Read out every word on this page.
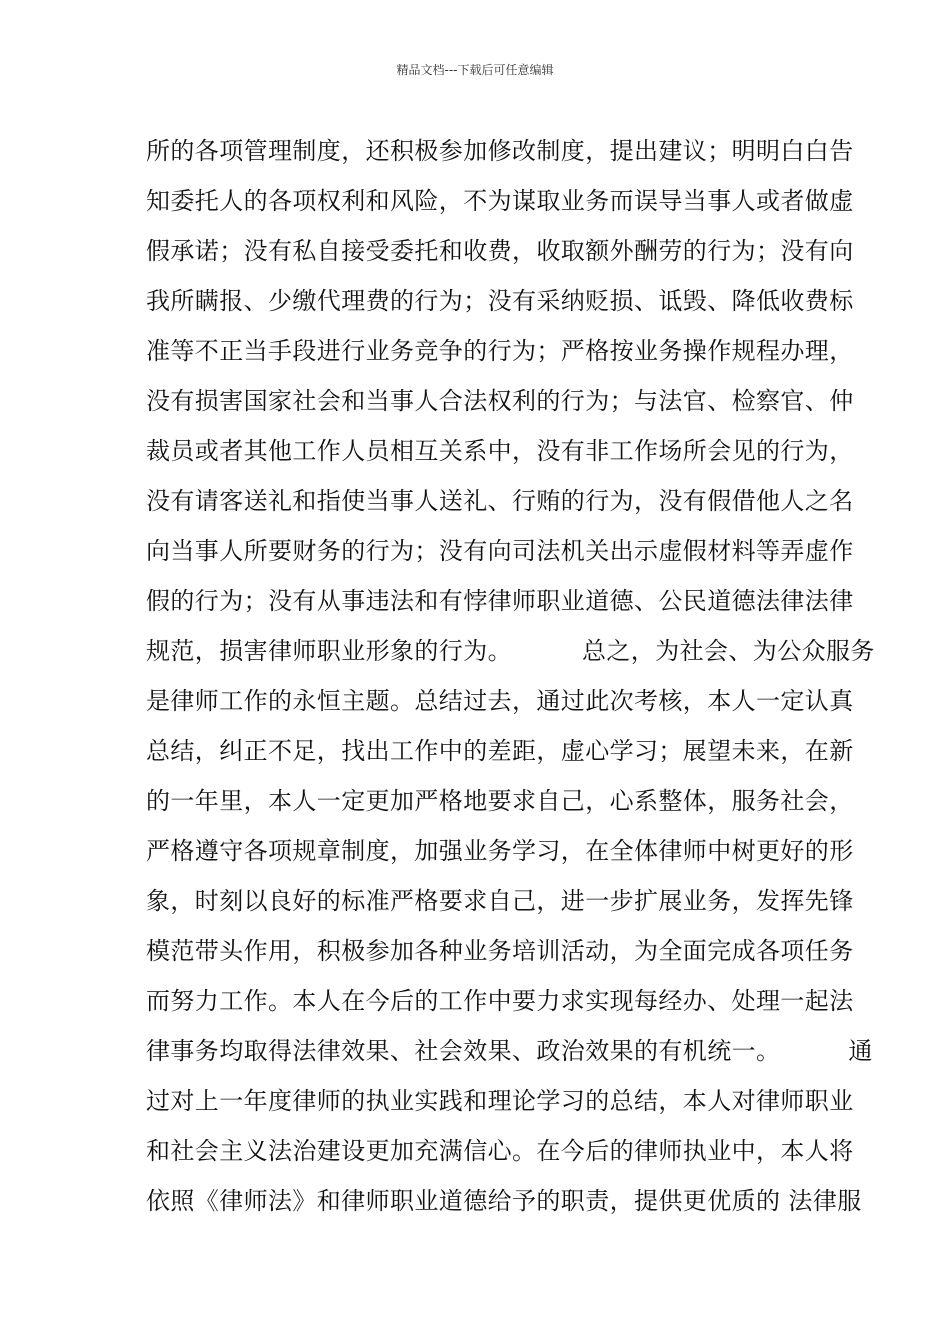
精品文档---下载后可任意编辑
所的各项管理制度，还积极参加修改制度，提出建议；明明白白告
知委托人的各项权利和风险，不为谋取业务而误导当事人或者做虚
假承诺；没有私自接受委托和收费，收取额外酬劳的行为；没有向
我所瞒报、少缴代理费的行为；没有采纳贬损、诋毁、降低收费标
准等不正当手段进行业务竞争的行为；严格按业务操作规程办理，
没有损害国家社会和当事人合法权利的行为；与法官、检察官、仲
裁员或者其他工作人员相互关系中，没有非工作场所会见的行为，
没有请客送礼和指使当事人送礼、行贿的行为，没有假借他人之名
向当事人所要财务的行为；没有向司法机关出示虚假材料等弄虚作
假的行为；没有从事违法和有悖律师职业道德、公民道德法律法律
规范，损害律师职业形象的行为。	总之，为社会、为公众服务
是律师工作的永恒主题。总结过去，通过此次考核，本人一定认真
总结，纠正不足，找出工作中的差距，虚心学习；展望未来，在新
的一年里，本人一定更加严格地要求自己，心系整体，服务社会，
严格遵守各项规章制度，加强业务学习，在全体律师中树更好的形
象，时刻以良好的标准严格要求自己，进一步扩展业务，发挥先锋
模范带头作用，积极参加各种业务培训活动，为全面完成各项任务
而努力工作。本人在今后的工作中要力求实现每经办、处理一起法
律事务均取得法律效果、社会效果、政治效果的有机统一。	通
过对上一年度律师的执业实践和理论学习的总结，本人对律师职业
和社会主义法治建设更加充满信心。在今后的律师执业中，本人将
依照《律师法》和律师职业道德给予的职责，提供更优质的 法律服
